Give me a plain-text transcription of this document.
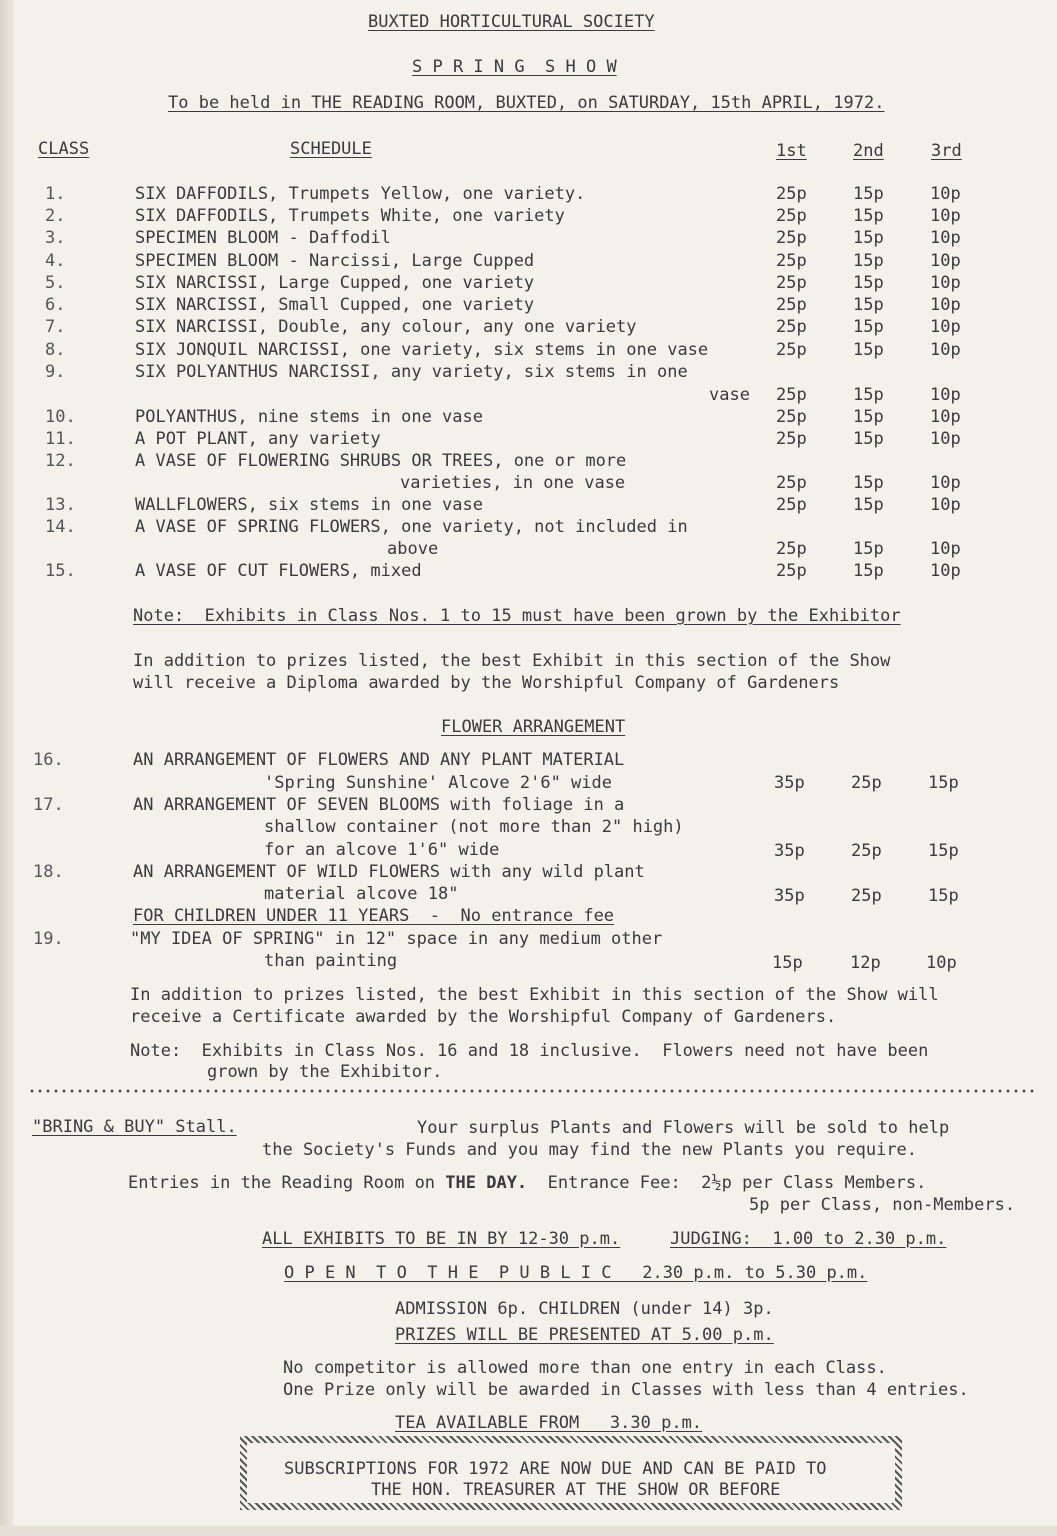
BUXTED HORTICULTURAL SOCIETY
S P R I N G  S H O W
To be held in THE READING ROOM, BUXTED, on SATURDAY, 15th APRIL, 1972.
CLASS	SCHEDULE	1st	2nd	3rd
1.	SIX DAFFODILS, Trumpets Yellow, one variety.	25p	15p	10p
2.	SIX DAFFODILS, Trumpets White, one variety	25p	15p	10p
3.	SPECIMEN BLOOM - Daffodil	25p	15p	10p
4.	SPECIMEN BLOOM - Narcissi, Large Cupped	25p	15p	10p
5.	SIX NARCISSI, Large Cupped, one variety	25p	15p	10p
6.	SIX NARCISSI, Small Cupped, one variety	25p	15p	10p
7.	SIX NARCISSI, Double, any colour, any one variety	25p	15p	10p
8.	SIX JONQUIL NARCISSI, one variety, six stems in one vase	25p	15p	10p
9.	SIX POLYANTHUS NARCISSI, any variety, six stems in one
vase 25p	15p	10p
10.	POLYANTHUS, nine stems in one vase	25p	15p	10p
11.	A POT PLANT, any variety	25p	15p	10p
12.	A VASE OF FLOWERING SHRUBS OR TREES, one or more
varieties, in one vase	25p	15p	10p
13.	WALLFLOWERS, six stems in one vase	25p	15p	10p
14.	A VASE OF SPRING FLOWERS, one variety, not included in
above	25p	15p	10p
15.	A VASE OF CUT FLOWERS, mixed	25p	15p	10p
Note:  Exhibits in Class Nos. 1 to 15 must have been grown by the Exhibitor
In addition to prizes listed, the best Exhibit in this section of the Show
will receive a Diploma awarded by the Worshipful Company of Gardeners
FLOWER ARRANGEMENT
16.	AN ARRANGEMENT OF FLOWERS AND ANY PLANT MATERIAL
'Spring Sunshine' Alcove 2'6" wide	35p	25p	15p
17.	AN ARRANGEMENT OF SEVEN BLOOMS with foliage in a
shallow container (not more than 2" high)
for an alcove 1'6" wide	35p	25p	15p
18.	AN ARRANGEMENT OF WILD FLOWERS with any wild plant
material alcove 18"	35p	25p	15p
FOR CHILDREN UNDER 11 YEARS  -  No entrance fee
19.	"MY IDEA OF SPRING" in 12" space in any medium other
than painting	15p	12p	10p
In addition to prizes listed, the best Exhibit in this section of the Show will
receive a Certificate awarded by the Worshipful Company of Gardeners.
Note:  Exhibits in Class Nos. 16 and 18 inclusive.  Flowers need not have been
grown by the Exhibitor.
"BRING & BUY" Stall.	Your surplus Plants and Flowers will be sold to help
the Society's Funds and you may find the new Plants you require.
Entries in the Reading Room on THE DAY.  Entrance Fee:  2½p per Class Members.
5p per Class, non-Members.
ALL EXHIBITS TO BE IN BY 12-30 p.m.	JUDGING:  1.00 to 2.30 p.m.
O P E N  T O  T H E  P U B L I C   2.30 p.m. to 5.30 p.m.
ADMISSION 6p. CHILDREN (under 14) 3p.
PRIZES WILL BE PRESENTED AT 5.00 p.m.
No competitor is allowed more than one entry in each Class.
One Prize only will be awarded in Classes with less than 4 entries.
TEA AVAILABLE FROM   3.30 p.m.
SUBSCRIPTIONS FOR 1972 ARE NOW DUE AND CAN BE PAID TO
THE HON. TREASURER AT THE SHOW OR BEFORE
